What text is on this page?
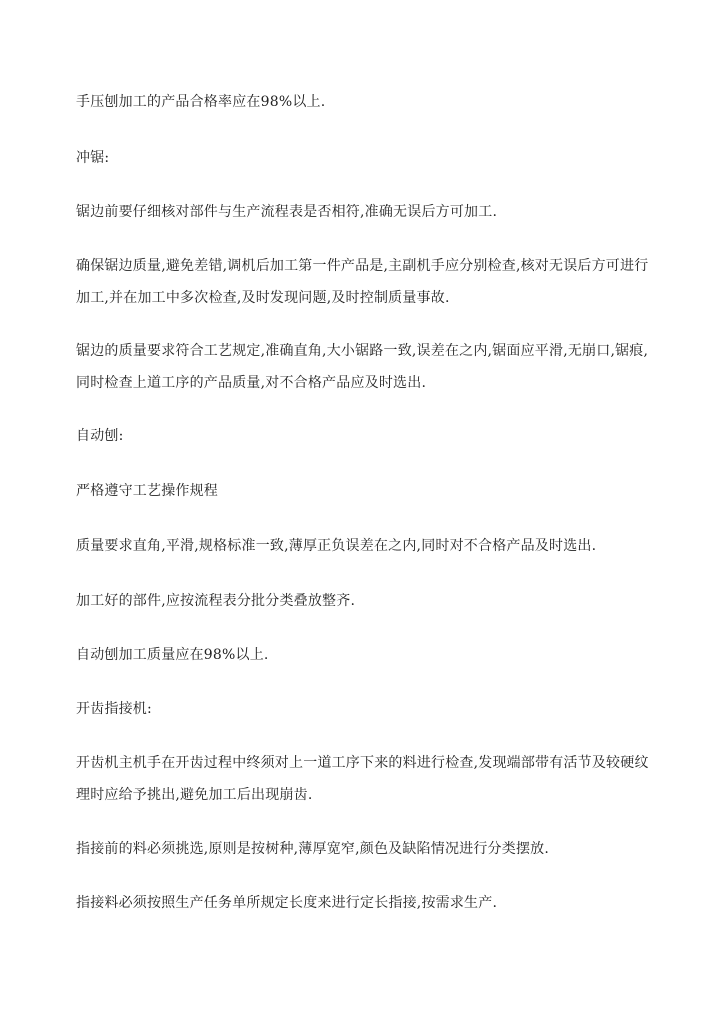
手压刨加工的产品合格率应在98%以上.

冲锯:

锯边前要仔细核对部件与生产流程表是否相符,准确无误后方可加工.

确保锯边质量,避免差错,调机后加工第一件产品是,主副机手应分别检查,核对无误后方可进行加工,并在加工中多次检查,及时发现问题,及时控制质量事故.

锯边的质量要求符合工艺规定,准确直角,大小锯路一致,误差在之内,锯面应平滑,无崩口,锯痕,同时检查上道工序的产品质量,对不合格产品应及时选出.

自动刨:

严格遵守工艺操作规程

质量要求直角,平滑,规格标准一致,薄厚正负误差在之内,同时对不合格产品及时选出.

加工好的部件,应按流程表分批分类叠放整齐.

自动刨加工质量应在98%以上.

开齿指接机:

开齿机主机手在开齿过程中终须对上一道工序下来的料进行检查,发现端部带有活节及较硬纹理时应给予挑出,避免加工后出现崩齿.

指接前的料必须挑选,原则是按树种,薄厚宽窄,颜色及缺陷情况进行分类摆放.

指接料必须按照生产任务单所规定长度来进行定长指接,按需求生产.
